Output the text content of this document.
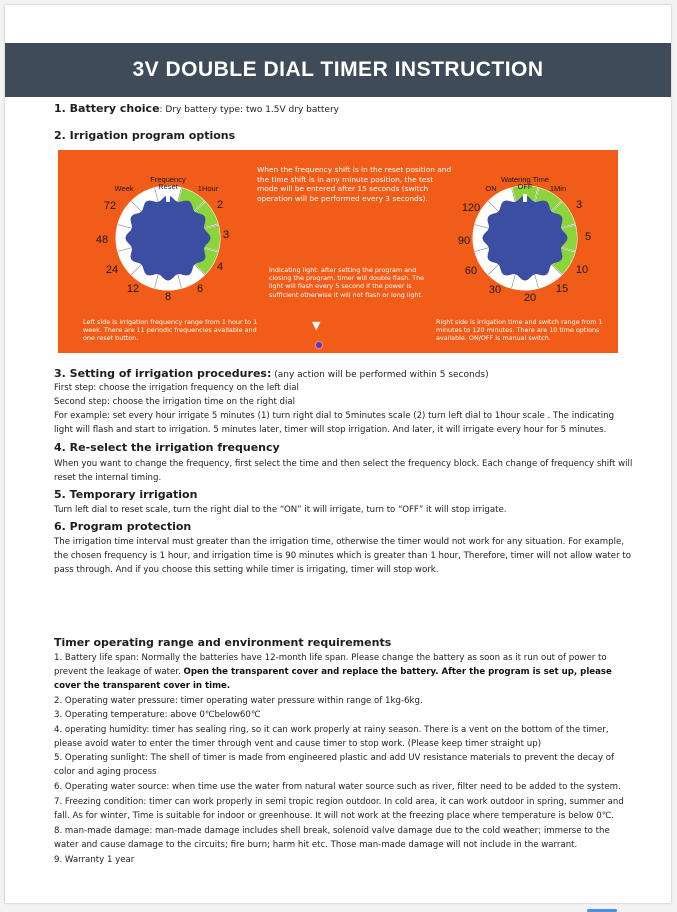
3V DOUBLE DIAL TIMER INSTRUCTION
1. Battery choice: Dry battery type: two 1.5V dry battery
2. Irrigation program options
Week	1Hour
2
3
4
6
8
12
24
48
72
Frequency
Reset	ON	1Min
3
5
10
15
20
30
60
90
120
Watering Time
OFF
When the frequency shift is in the reset position and the time shift is in any minute position, the test mode will be entered after 15 seconds (switch operation will be performed every 3 seconds).
Indicating light: after setting the program and closing the program, timer will double flash. The light will flash every 5 second if the power is sufficient otherwise it will not flash or long light.
Left side is irrigation frequency range from 1 hour to 1 week. There are 11 periodic frequencies available and one reset button.
Right side is irrigation time and switch range from 1 minutes to 120 minutes. There are 10 time options available. ON/OFF is manual switch.
▼
3. Setting of irrigation procedures: (any action will be performed within 5 seconds)
First step: choose the irrigation frequency on the left dial
Second step: choose the irrigation time on the right dial
For example: set every hour irrigate 5 minutes (1) turn right dial to 5minutes scale (2) turn left dial to 1hour scale . The indicating light will flash and start to irrigation. 5 minutes later, timer will stop irrigation. And later, it will irrigate every hour for 5 minutes.
4. Re-select the irrigation frequency
When you want to change the frequency, first select the time and then select the frequency block. Each change of frequency shift will reset the internal timing.
5. Temporary irrigation
Turn left dial to reset scale, turn the right dial to the “ON” it will irrigate, turn to “OFF” it will stop irrigate.
6. Program protection
The irrigation time interval must greater than the irrigation time, otherwise the timer would not work for any situation. For example, the chosen frequency is 1 hour, and irrigation time is 90 minutes which is greater than 1 hour, Therefore, timer will not allow water to pass through. And if you choose this setting while timer is irrigating, timer will stop work.
Timer operating range and environment requirements
1. Battery life span: Normally the batteries have 12-month life span. Please change the battery as soon as it run out of power to prevent the leakage of water. Open the transparent cover and replace the battery. After the program is set up, please cover the transparent cover in time.
2. Operating water pressure: timer operating water pressure within range of 1kg-6kg.
3. Operating temperature: above 0℃below60℃
4. operating humidity: timer has sealing ring, so it can work properly at rainy season. There is a vent on the bottom of the timer, please avoid water to enter the timer through vent and cause timer to stop work. (Please keep timer straight up)
5. Operating sunlight: The shell of timer is made from engineered plastic and add UV resistance materials to prevent the decay of color and aging process
6. Operating water source: when time use the water from natural water source such as river, filter need to be added to the system.
7. Freezing condition: timer can work properly in semi tropic region outdoor. In cold area, it can work outdoor in spring, summer and fall. As for winter, Time is suitable for indoor or greenhouse. It will not work at the freezing place where temperature is below 0℃.
8. man-made damage: man-made damage includes shell break, solenoid valve damage due to the cold weather; immerse to the water and cause damage to the circuits; fire burn; harm hit etc. Those man-made damage will not include in the warrant.
9. Warranty 1 year
